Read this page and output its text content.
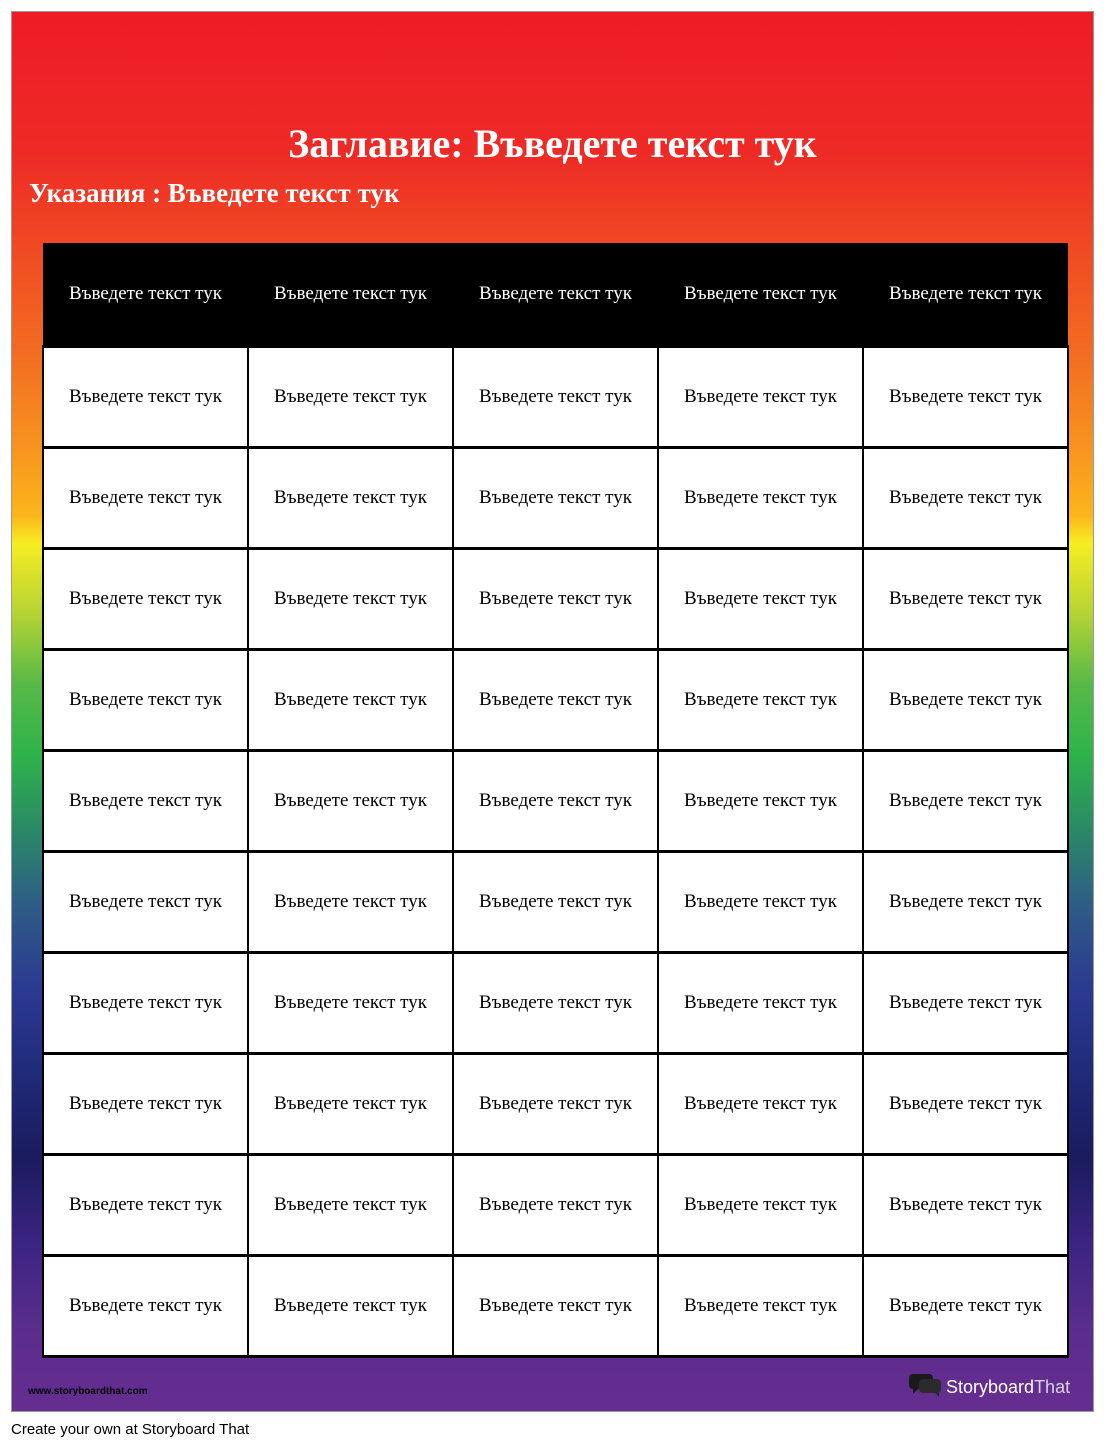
Заглавие: Въведете текст тук
Указания : Въведете текст тук
Въведете текст тук	Въведете текст тук	Въведете текст тук	Въведете текст тук	Въведете текст тук
Въведете текст тук	Въведете текст тук	Въведете текст тук	Въведете текст тук	Въведете текст тук
Въведете текст тук	Въведете текст тук	Въведете текст тук	Въведете текст тук	Въведете текст тук
Въведете текст тук	Въведете текст тук	Въведете текст тук	Въведете текст тук	Въведете текст тук
Въведете текст тук	Въведете текст тук	Въведете текст тук	Въведете текст тук	Въведете текст тук
Въведете текст тук	Въведете текст тук	Въведете текст тук	Въведете текст тук	Въведете текст тук
Въведете текст тук	Въведете текст тук	Въведете текст тук	Въведете текст тук	Въведете текст тук
Въведете текст тук	Въведете текст тук	Въведете текст тук	Въведете текст тук	Въведете текст тук
Въведете текст тук	Въведете текст тук	Въведете текст тук	Въведете текст тук	Въведете текст тук
Въведете текст тук	Въведете текст тук	Въведете текст тук	Въведете текст тук	Въведете текст тук
Въведете текст тук	Въведете текст тук	Въведете текст тук	Въведете текст тук	Въведете текст тук
www.storyboardthat.com	Storyboard That
Create your own at Storyboard That
